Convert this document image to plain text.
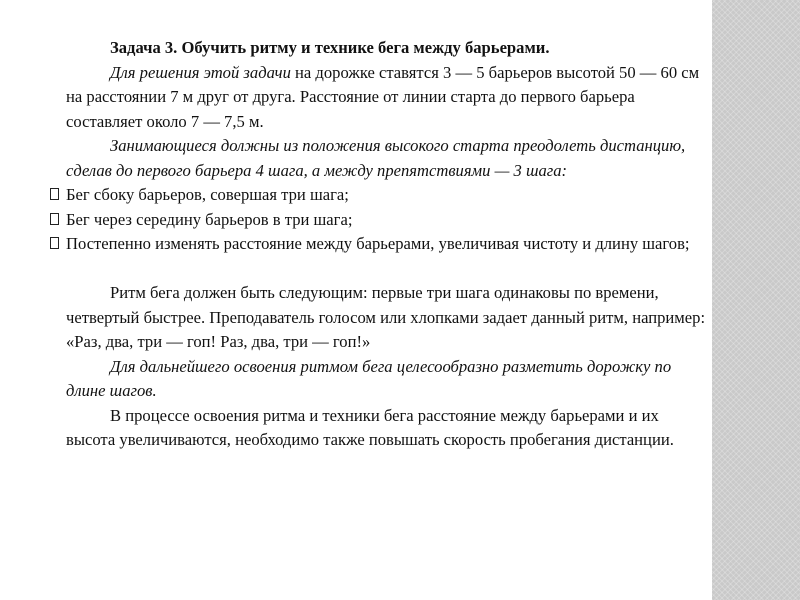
Задача 3. Обучить ритму и технике бега между барьерами.

Для решения этой задачи на дорожке ставятся 3 — 5 барьеров высотой 50 — 60 см на расстоянии 7 м друг от друга. Расстояние от линии старта до первого барьера составляет около 7 — 7,5 м.

Занимающиеся должны из положения высокого старта преодолеть дистанцию, сделав до первого барьера 4 шага, а между препятствиями — 3 шага:

Бег сбоку барьеров, совершая три шага;

Бег через середину барьеров в три шага;

Постепенно изменять расстояние между барьерами, увеличивая чистоту и длину шагов;

Ритм бега должен быть следующим: первые три шага одинаковы по времени, четвертый быстрее. Преподаватель голосом или хлопками задает данный ритм, например: «Раз, два, три — гоп! Раз, два, три — гоп!»

Для дальнейшего освоения ритмом бега целесообразно разметить дорожку по длине шагов.

В процессе освоения ритма и техники бега расстояние между барьерами и их высота увеличиваются, необходимо также повышать скорость пробегания дистанции.
